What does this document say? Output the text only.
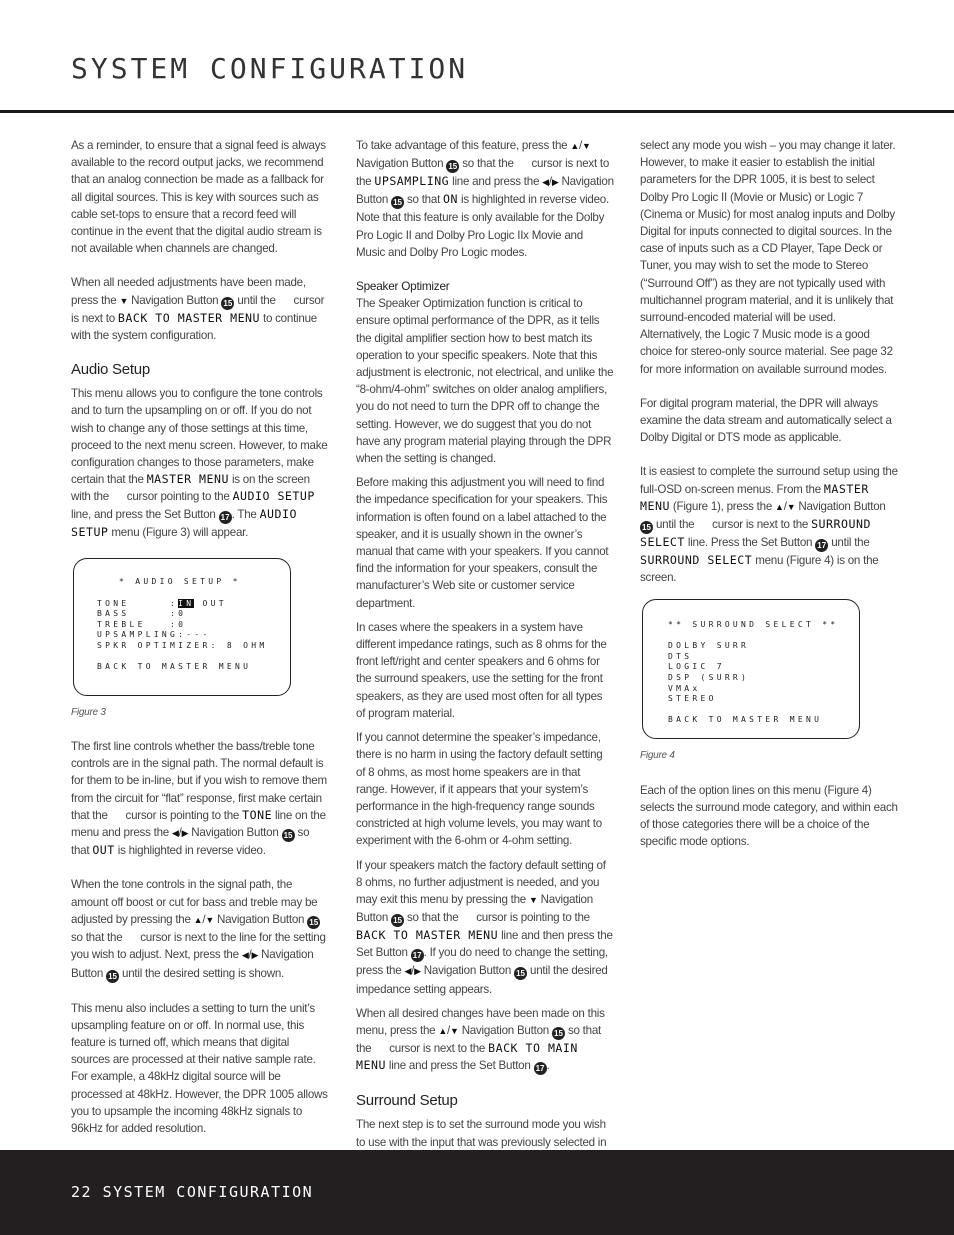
SYSTEM CONFIGURATION

As a reminder, to ensure that a signal feed is always available to the record output jacks, we recommend that an analog connection be made as a fallback for all digital sources. This is key with sources such as cable set-tops to ensure that a record feed will continue in the event that the digital audio stream is not available when channels are changed.

When all needed adjustments have been made, press the ▼ Navigation Button 15 until the cursor is next to BACK TO MASTER MENU to continue with the system configuration.

Audio Setup

This menu allows you to configure the tone controls and to turn the upsampling on or off. If you do not wish to change any of those settings at this time, proceed to the next menu screen. However, to make configuration changes to those parameters, make certain that the MASTER MENU is on the screen with the cursor pointing to the AUDIO SETUP line, and press the Set Button 17 . The AUDIO SETUP menu (Figure 3) will appear.

* AUDIO SETUP *

TONE     :IN OUT
BASS     :0
TREBLE   :0
UPSAMPLING:---
SPKR OPTIMIZER: 8 OHM

BACK TO MASTER MENU

Figure 3

The first line controls whether the bass/treble tone controls are in the signal path. The normal default is for them to be in-line, but if you wish to remove them from the circuit for “flat” response, first make certain that the cursor is pointing to the TONE line on the menu and press the ◀/▶ Navigation Button 15 so that OUT is highlighted in reverse video.

When the tone controls in the signal path, the amount off boost or cut for bass and treble may be adjusted by pressing the ▲/▼ Navigation Button 15 so that the cursor is next to the line for the setting you wish to adjust. Next, press the ◀/▶ Navigation Button 15 until the desired setting is shown.

This menu also includes a setting to turn the unit’s upsampling feature on or off. In normal use, this feature is turned off, which means that digital sources are processed at their native sample rate. For example, a 48kHz digital source will be processed at 48kHz. However, the DPR 1005 allows you to upsample the incoming 48kHz signals to 96kHz for added resolution.

To take advantage of this feature, press the ▲/▼ Navigation Button 15 so that the cursor is next to the UPSAMPLING line and press the ◀/▶ Navigation Button 15 so that ON is highlighted in reverse video. Note that this feature is only available for the Dolby Pro Logic II and Dolby Pro Logic IIx Movie and Music and Dolby Pro Logic modes.

Speaker Optimizer

The Speaker Optimization function is critical to ensure optimal performance of the DPR, as it tells the digital amplifier section how to best match its operation to your specific speakers. Note that this adjustment is electronic, not electrical, and unlike the “8-ohm/4-ohm” switches on older analog amplifiers, you do not need to turn the DPR off to change the setting. However, we do suggest that you do not have any program material playing through the DPR when the setting is changed.

Before making this adjustment you will need to find the impedance specification for your speakers. This information is often found on a label attached to the speaker, and it is usually shown in the owner’s manual that came with your speakers. If you cannot find the information for your speakers, consult the manufacturer’s Web site or customer service department.

In cases where the speakers in a system have different impedance ratings, such as 8 ohms for the front left/right and center speakers and 6 ohms for the surround speakers, use the setting for the front speakers, as they are used most often for all types of program material.

If you cannot determine the speaker’s impedance, there is no harm in using the factory default setting of 8 ohms, as most home speakers are in that range. However, if it appears that your system’s performance in the high-frequency range sounds constricted at high volume levels, you may want to experiment with the 6-ohm or 4-ohm setting.

If your speakers match the factory default setting of 8 ohms, no further adjustment is needed, and you may exit this menu by pressing the ▼ Navigation Button 15 so that the cursor is pointing to the BACK TO MASTER MENU line and then press the Set Button 17 . If you do need to change the setting, press the ◀/▶ Navigation Button 15 until the desired impedance setting appears.

When all desired changes have been made on this menu, press the ▲/▼ Navigation Button 15 so that the cursor is next to the BACK TO MAIN MENU line and press the Set Button 17 .

Surround Setup

The next step is to set the surround mode you wish to use with the input that was previously selected in

select any mode you wish – you may change it later. However, to make it easier to establish the initial parameters for the DPR 1005, it is best to select Dolby Pro Logic II (Movie or Music) or Logic 7 (Cinema or Music) for most analog inputs and Dolby Digital for inputs connected to digital sources. In the case of inputs such as a CD Player, Tape Deck or Tuner, you may wish to set the mode to Stereo (“Surround Off”) as they are not typically used with multichannel program material, and it is unlikely that surround-encoded material will be used. Alternatively, the Logic 7 Music mode is a good choice for stereo-only source material. See page 32 for more information on available surround modes.

For digital program material, the DPR will always examine the data stream and automatically select a Dolby Digital or DTS mode as applicable.

It is easiest to complete the surround setup using the full-OSD on-screen menus. From the MASTER MENU (Figure 1), press the ▲/▼ Navigation Button 15 until the cursor is next to the SURROUND SELECT line. Press the Set Button 17 until the SURROUND SELECT menu (Figure 4) is on the screen.

** SURROUND SELECT **

DOLBY SURR
DTS
LOGIC 7
DSP (SURR)
VMAx
STEREO

BACK TO MASTER MENU

Figure 4

Each of the option lines on this menu (Figure 4) selects the surround mode category, and within each of those categories there will be a choice of the specific mode options.

22 SYSTEM CONFIGURATION
